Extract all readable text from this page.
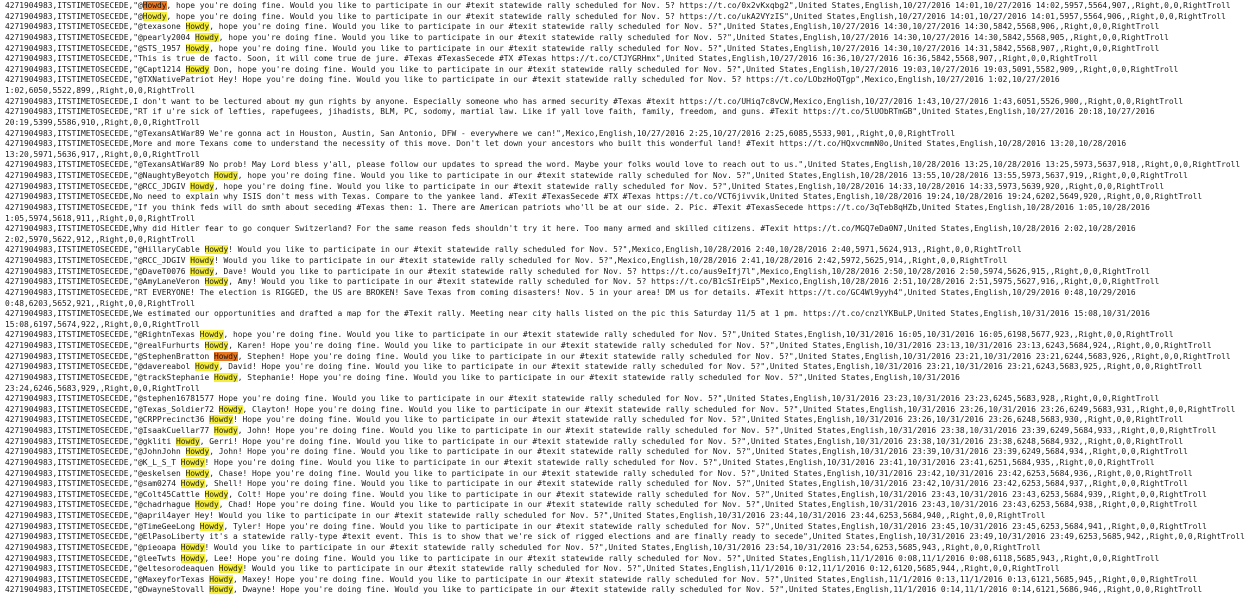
4271904983,ITSTIMETOSECEDE,"@Howdy, hope you're doing fine. Would you like to participate in our #texit statewide rally scheduled for Nov. 5? https://t.co/0x2vKxqbg2",United States,English,10/27/2016 14:01,10/27/2016 14:02,5957,5564,907,,Right,0,0,RightTroll
4271904983,ITSTIMETOSECEDE,"@Howdy, hope you're doing fine. Would you like to participate in our #texit statewide rally scheduled for Nov. 5? https://t.co/ukA2VYzIS",United States,English,10/27/2016 14:01,10/27/2016 14:01,5957,5564,906,,Right,0,0,RightTroll
4271904983,ITSTIMETOSECEDE,"@texasone Howdy, hope you're doing fine. Would you like to participate in our #texit statewide rally scheduled for Nov. 5?",United States,English,10/27/2016 14:30,10/27/2016 14:30,5842,5568,906,,Right,0,0,RightTroll
4271904983,ITSTIMETOSECEDE,"@pearly2004 Howdy, hope you're doing fine. Would you like to participate in our #texit statewide rally scheduled for Nov. 5?",United States,English,10/27/2016 14:30,10/27/2016 14:30,5842,5568,905,,Right,0,0,RightTroll
4271904983,ITSTIMETOSECEDE,"@STS_1957 Howdy, hope you're doing fine. Would you like to participate in our #texit statewide rally scheduled for Nov. 5?",United States,English,10/27/2016 14:30,10/27/2016 14:31,5842,5568,907,,Right,0,0,RightTroll
4271904983,ITSTIMETOSECEDE,"This is true de facto. Soon, it will come true de jure. #Texas #TexasSecede #TX #Texas https://t.co/CTJYGRHmx",United States,English,10/27/2016 16:36,10/27/2016 16:36,5842,5568,907,,Right,0,0,RightTroll
4271904983,ITSTIMETOSECEDE,"@Capt1214 Howdy Don, hope you're doing fine. Would you like to participate in our #texit statewide rally scheduled for Nov. 5?",United States,English,10/27/2016 19:03,10/27/2016 19:03,5091,5582,909,,Right,0,0,RightTroll
4271904983,ITSTIMETOSECEDE,"@TXNativePatriot Hey! Hope you're doing fine. Would you like to participate in our #texit statewide rally scheduled for Nov. 5? https://t.co/LObzHoQTgp",Mexico,English,10/27/2016 1:02,10/27/2016
1:02,6050,5522,899,,Right,0,0,RightTroll
4271904983,ITSTIMETOSECEDE,I don't want to be lectured about my gun rights by anyone. Especially someone who has armed security #Texas #texit https://t.co/UHiq7c8vCW,Mexico,English,10/27/2016 1:43,10/27/2016 1:43,6051,5526,900,,Right,0,0,RightTroll
4271904983,ITSTIMETOSECEDE,"RT if u're sick of lefties, rapefugees, jihadists, BLM, PC, sodomy, martial law. Like if yall love faith, family, freedom, and guns. #Texit https://t.co/5lUObRTmGB",United States,English,10/27/2016 20:18,10/27/2016
20:19,5399,5586,910,,Right,0,0,RightTroll
4271904983,ITSTIMETOSECEDE,"@TexansAtWar89 We're gonna act in Houston, Austin, San Antonio, DFW - everywhere we can!",Mexico,English,10/27/2016 2:25,10/27/2016 2:25,6085,5533,901,,Right,0,0,RightTroll
4271904983,ITSTIMETOSECEDE,More and more Texans come to understand the necessity of this move. Don't let down your ancestors who built this wonderful land! #Texit https://t.co/HQxvcmmN0o,United States,English,10/28/2016 13:20,10/28/2016
13:20,5971,5636,917,,Right,0,0,RightTroll
4271904983,ITSTIMETOSECEDE,"@TexansAtWar89 No prob! May Lord bless y'all, please follow our updates to spread the word. Maybe your folks would love to reach out to us.",United States,English,10/28/2016 13:25,10/28/2016 13:25,5973,5637,918,,Right,0,0,RightTroll
4271904983,ITSTIMETOSECEDE,"@NaughtyBeyotch Howdy, hope you're doing fine. Would you like to participate in our #texit statewide rally scheduled for Nov. 5?",United States,English,10/28/2016 13:55,10/28/2016 13:55,5973,5637,919,,Right,0,0,RightTroll
4271904983,ITSTIMETOSECEDE,"@RCC_JDGIV Howdy, hope you're doing fine. Would you like to participate in our #texit statewide rally scheduled for Nov. 5?",United States,English,10/28/2016 14:33,10/28/2016 14:33,5973,5639,920,,Right,0,0,RightTroll
4271904983,ITSTIMETOSECEDE,No need to explain why ISIS don't mess with Texas. Compare to the yankee land. #Texit #TexasSecede #TX #Texas https://t.co/VCT6jivvik,United States,English,10/28/2016 19:24,10/28/2016 19:24,6202,5649,920,,Right,0,0,RightTroll
4271904983,ITSTIMETOSECEDE,"If you think feds will do smth about seceding #Texas then: 1. There are American patriots who'll be at our side. 2. Pic. #Texit #TexasSecede https://t.co/3qTeb8qHZb,United States,English,10/28/2016 1:05,10/28/2016
1:05,5974,5618,911,,Right,0,0,RightTroll
4271904983,ITSTIMETOSECEDE,Why did Hitler fear to go conquer Switzerland? For the same reason feds shouldn't try it here. Too many armed and skilled citizens. #Texit https://t.co/MGQ7eDa0N7,United States,English,10/28/2016 2:02,10/28/2016
2:02,5970,5622,912,,Right,0,0,RightTroll
4271904983,ITSTIMETOSECEDE,"@HillaryCable Howdy! Would you like to participate in our #texit statewide rally scheduled for Nov. 5?",Mexico,English,10/28/2016 2:40,10/28/2016 2:40,5971,5624,913,,Right,0,0,RightTroll
4271904983,ITSTIMETOSECEDE,"@RCC_JDGIV Howdy! Would you like to participate in our #texit statewide rally scheduled for Nov. 5?",Mexico,English,10/28/2016 2:41,10/28/2016 2:42,5972,5625,914,,Right,0,0,RightTroll
4271904983,ITSTIMETOSECEDE,"@DaveT0076 Howdy, Dave! Would you like to participate in our #texit statewide rally scheduled for Nov. 5? https://t.co/aus9eIfj7l",Mexico,English,10/28/2016 2:50,10/28/2016 2:50,5974,5626,915,,Right,0,0,RightTroll
4271904983,ITSTIMETOSECEDE,"@AmyLaneVeron Howdy, Amy! Would you like to participate in our #texit statewide rally scheduled for Nov. 5? https://t.co/B1cSIrEip5",Mexico,English,10/28/2016 2:51,10/28/2016 2:51,5975,5627,916,,Right,0,0,RightTroll
4271904983,ITSTIMETOSECEDE,"RT EVERYONE! The election is RIGGED, the US are BROKEN! Save Texas from coming disasters! Nov. 5 in your area! DM us for details. #Texit https://t.co/GC4Wl9yyh4",United States,English,10/29/2016 0:48,10/29/2016
0:48,6203,5652,921,,Right,0,0,RightTroll
4271904983,ITSTIMETOSECEDE,We estimated our opportunities and drafted a map for the #Texit rally. Meeting near city halls listed on the pic this Saturday 11/5 at 1 pm. https://t.co/cnzlYKBuLP,United States,English,10/31/2016 15:08,10/31/2016
15:08,6197,5674,922,,Right,0,0,RightTroll
4271904983,ITSTIMETOSECEDE,"@RightnTexas Howdy, hope you're doing fine. Would you like to participate in our #texit statewide rally scheduled for Nov. 5?",United States,English,10/31/2016 16:05,10/31/2016 16:05,6198,5677,923,,Right,0,0,RightTroll
4271904983,ITSTIMETOSECEDE,"@realFurhurts Howdy, Karen! Hope you're doing fine. Would you like to participate in our #texit statewide rally scheduled for Nov. 5?",United States,English,10/31/2016 23:13,10/31/2016 23:13,6243,5684,924,,Right,0,0,RightTroll
4271904983,ITSTIMETOSECEDE,"@StephenBratton Howdy, Stephen! Hope you're doing fine. Would you like to participate in our #texit statewide rally scheduled for Nov. 5?",United States,English,10/31/2016 23:21,10/31/2016 23:21,6244,5683,926,,Right,0,0,RightTroll
4271904983,ITSTIMETOSECEDE,"@davereabol Howdy, David! Hope you're doing fine. Would you like to participate in our #texit statewide rally scheduled for Nov. 5?",United States,English,10/31/2016 23:21,10/31/2016 23:21,6243,5683,925,,Right,0,0,RightTroll
4271904983,ITSTIMETOSECEDE,"@trackStephanie Howdy, Stephanie! Hope you're doing fine. Would you like to participate in our #texit statewide rally scheduled for Nov. 5?",United States,English,10/31/2016
23:24,6246,5683,929,,Right,0,0,RightTroll
4271904983,ITSTIMETOSECEDE,"@stephen16781577 Hope you're doing fine. Would you like to participate in our #texit statewide rally scheduled for Nov. 5?",United States,English,10/31/2016 23:23,10/31/2016 23:23,6245,5683,928,,Right,0,0,RightTroll
4271904983,ITSTIMETOSECEDE,"@Texas_Soldier72 Howdy, Clayton! Hope you're doing fine. Would you like to participate in our #texit statewide rally scheduled for Nov. 5?",United States,English,10/31/2016 23:26,10/31/2016 23:26,6249,5683,931,,Right,0,0,RightTroll
4271904983,ITSTIMETOSECEDE,"@CRPPrecinct36 Howdy! Hope you're doing fine. Would you like to participate in our #texit statewide rally scheduled for Nov. 5?",United States,English,10/31/2016 23:26,10/31/2016 23:26,6248,5683,930,,Right,0,0,RightTroll
4271904983,ITSTIMETOSECEDE,"@IsaakCuellar77 Howdy, John! Hope you're doing fine. Would you like to participate in our #texit statewide rally scheduled for Nov. 5?",United States,English,10/31/2016 23:38,10/31/2016 23:39,6249,5684,933,,Right,0,0,RightTroll
4271904983,ITSTIMETOSECEDE,"@gkliti Howdy, Gerri! Hope you're doing fine. Would you like to participate in our #texit statewide rally scheduled for Nov. 5?",United States,English,10/31/2016 23:38,10/31/2016 23:38,6248,5684,932,,Right,0,0,RightTroll
4271904983,ITSTIMETOSECEDE,"@JohnJohn Howdy, John! Hope you're doing fine. Would you like to participate in our #texit statewide rally scheduled for Nov. 5?",United States,English,10/31/2016 23:39,10/31/2016 23:39,6249,5684,934,,Right,0,0,RightTroll
4271904983,ITSTIMETOSECEDE,"@K_L_S_T Howdy! Hope you're doing fine. Would you like to participate in our #texit statewide rally scheduled for Nov. 5?",United States,English,10/31/2016 23:41,10/31/2016 23:41,6251,5684,935,,Right,0,0,RightTroll
4271904983,ITSTIMETOSECEDE,"@eskelsen Howdy, Chase! Hope you're doing fine. Would you like to participate in our #texit statewide rally scheduled for Nov. 5?",United States,English,10/31/2016 23:42,10/31/2016 23:42,6253,5684,936,,Right,0,0,RightTroll
4271904983,ITSTIMETOSECEDE,"@sam0274 Howdy, Shell! Hope you're doing fine. Would you like to participate in our #texit statewide rally scheduled for Nov. 5?",United States,English,10/31/2016 23:42,10/31/2016 23:42,6253,5684,937,,Right,0,0,RightTroll
4271904983,ITSTIMETOSECEDE,"@Colt45Cattle Howdy, Colt! Hope you're doing fine. Would you like to participate in our #texit statewide rally scheduled for Nov. 5?",United States,English,10/31/2016 23:43,10/31/2016 23:43,6253,5684,939,,Right,0,0,RightTroll
4271904983,ITSTIMETOSECEDE,"@chadrhague Howdy, Chad! Hope you're doing fine. Would you like to participate in our #texit statewide rally scheduled for Nov. 5?",United States,English,10/31/2016 23:43,10/31/2016 23:43,6253,5684,938,,Right,0,0,RightTroll
4271904983,ITSTIMETOSECEDE,"@april4ayer Hey! Would you like to participate in our #texit statewide rally scheduled for Nov. 5?",United States,English,10/31/2016 23:44,10/31/2016 23:44,6253,5684,940,,Right,0,0,RightTroll
4271904983,ITSTIMETOSECEDE,"@TimeGeeLong Howdy, Tyler! Hope you're doing fine. Would you like to participate in our #texit statewide rally scheduled for Nov. 5?",United States,English,10/31/2016 23:45,10/31/2016 23:45,6253,5684,941,,Right,0,0,RightTroll
4271904983,ITSTIMETOSECEDE,"@ElPasoLiberty it's a statewide rally-type #texit event. This is to show that we're sick of rigged elections and are finally ready to secede",United States,English,10/31/2016 23:49,10/31/2016 23:49,6253,5685,942,,Right,0,0,RightTroll
4271904983,ITSTIMETOSECEDE,"@pieoapa Howdy! Would you like to participate in our #texit statewide rally scheduled for Nov. 5?",United States,English,10/31/2016 23:54,10/31/2016 23:54,6253,5685,943,,Right,0,0,RightTroll
4271904983,ITSTIMETOSECEDE,"@leeTwts Howdy, Lee! Hope you're doing fine. Would you like to participate in our #texit statewide rally scheduled for Nov. 5?",United States,English,11/1/2016 0:08,11/1/2016 0:08,6118,5685,943,,Right,0,0,RightTroll
4271904983,ITSTIMETOSECEDE,"@eltesorodeaquen Howdy! Would you like to participate in our #texit statewide rally scheduled for Nov. 5?",United States,English,11/1/2016 0:12,11/1/2016 0:12,6120,5685,944,,Right,0,0,RightTroll
4271904983,ITSTIMETOSECEDE,"@MaxeyforTexas Howdy, Maxey! Hope you're doing fine. Would you like to participate in our #texit statewide rally scheduled for Nov. 5?",United States,English,11/1/2016 0:13,11/1/2016 0:13,6121,5685,945,,Right,0,0,RightTroll
4271904983,ITSTIMETOSECEDE,"@DwayneStovall Howdy, Dwayne! Hope you're doing fine. Would you like to participate in our #texit statewide rally scheduled for Nov. 5?",United States,English,11/1/2016 0:14,11/1/2016 0:14,6121,5686,946,,Right,0,0,RightTroll
